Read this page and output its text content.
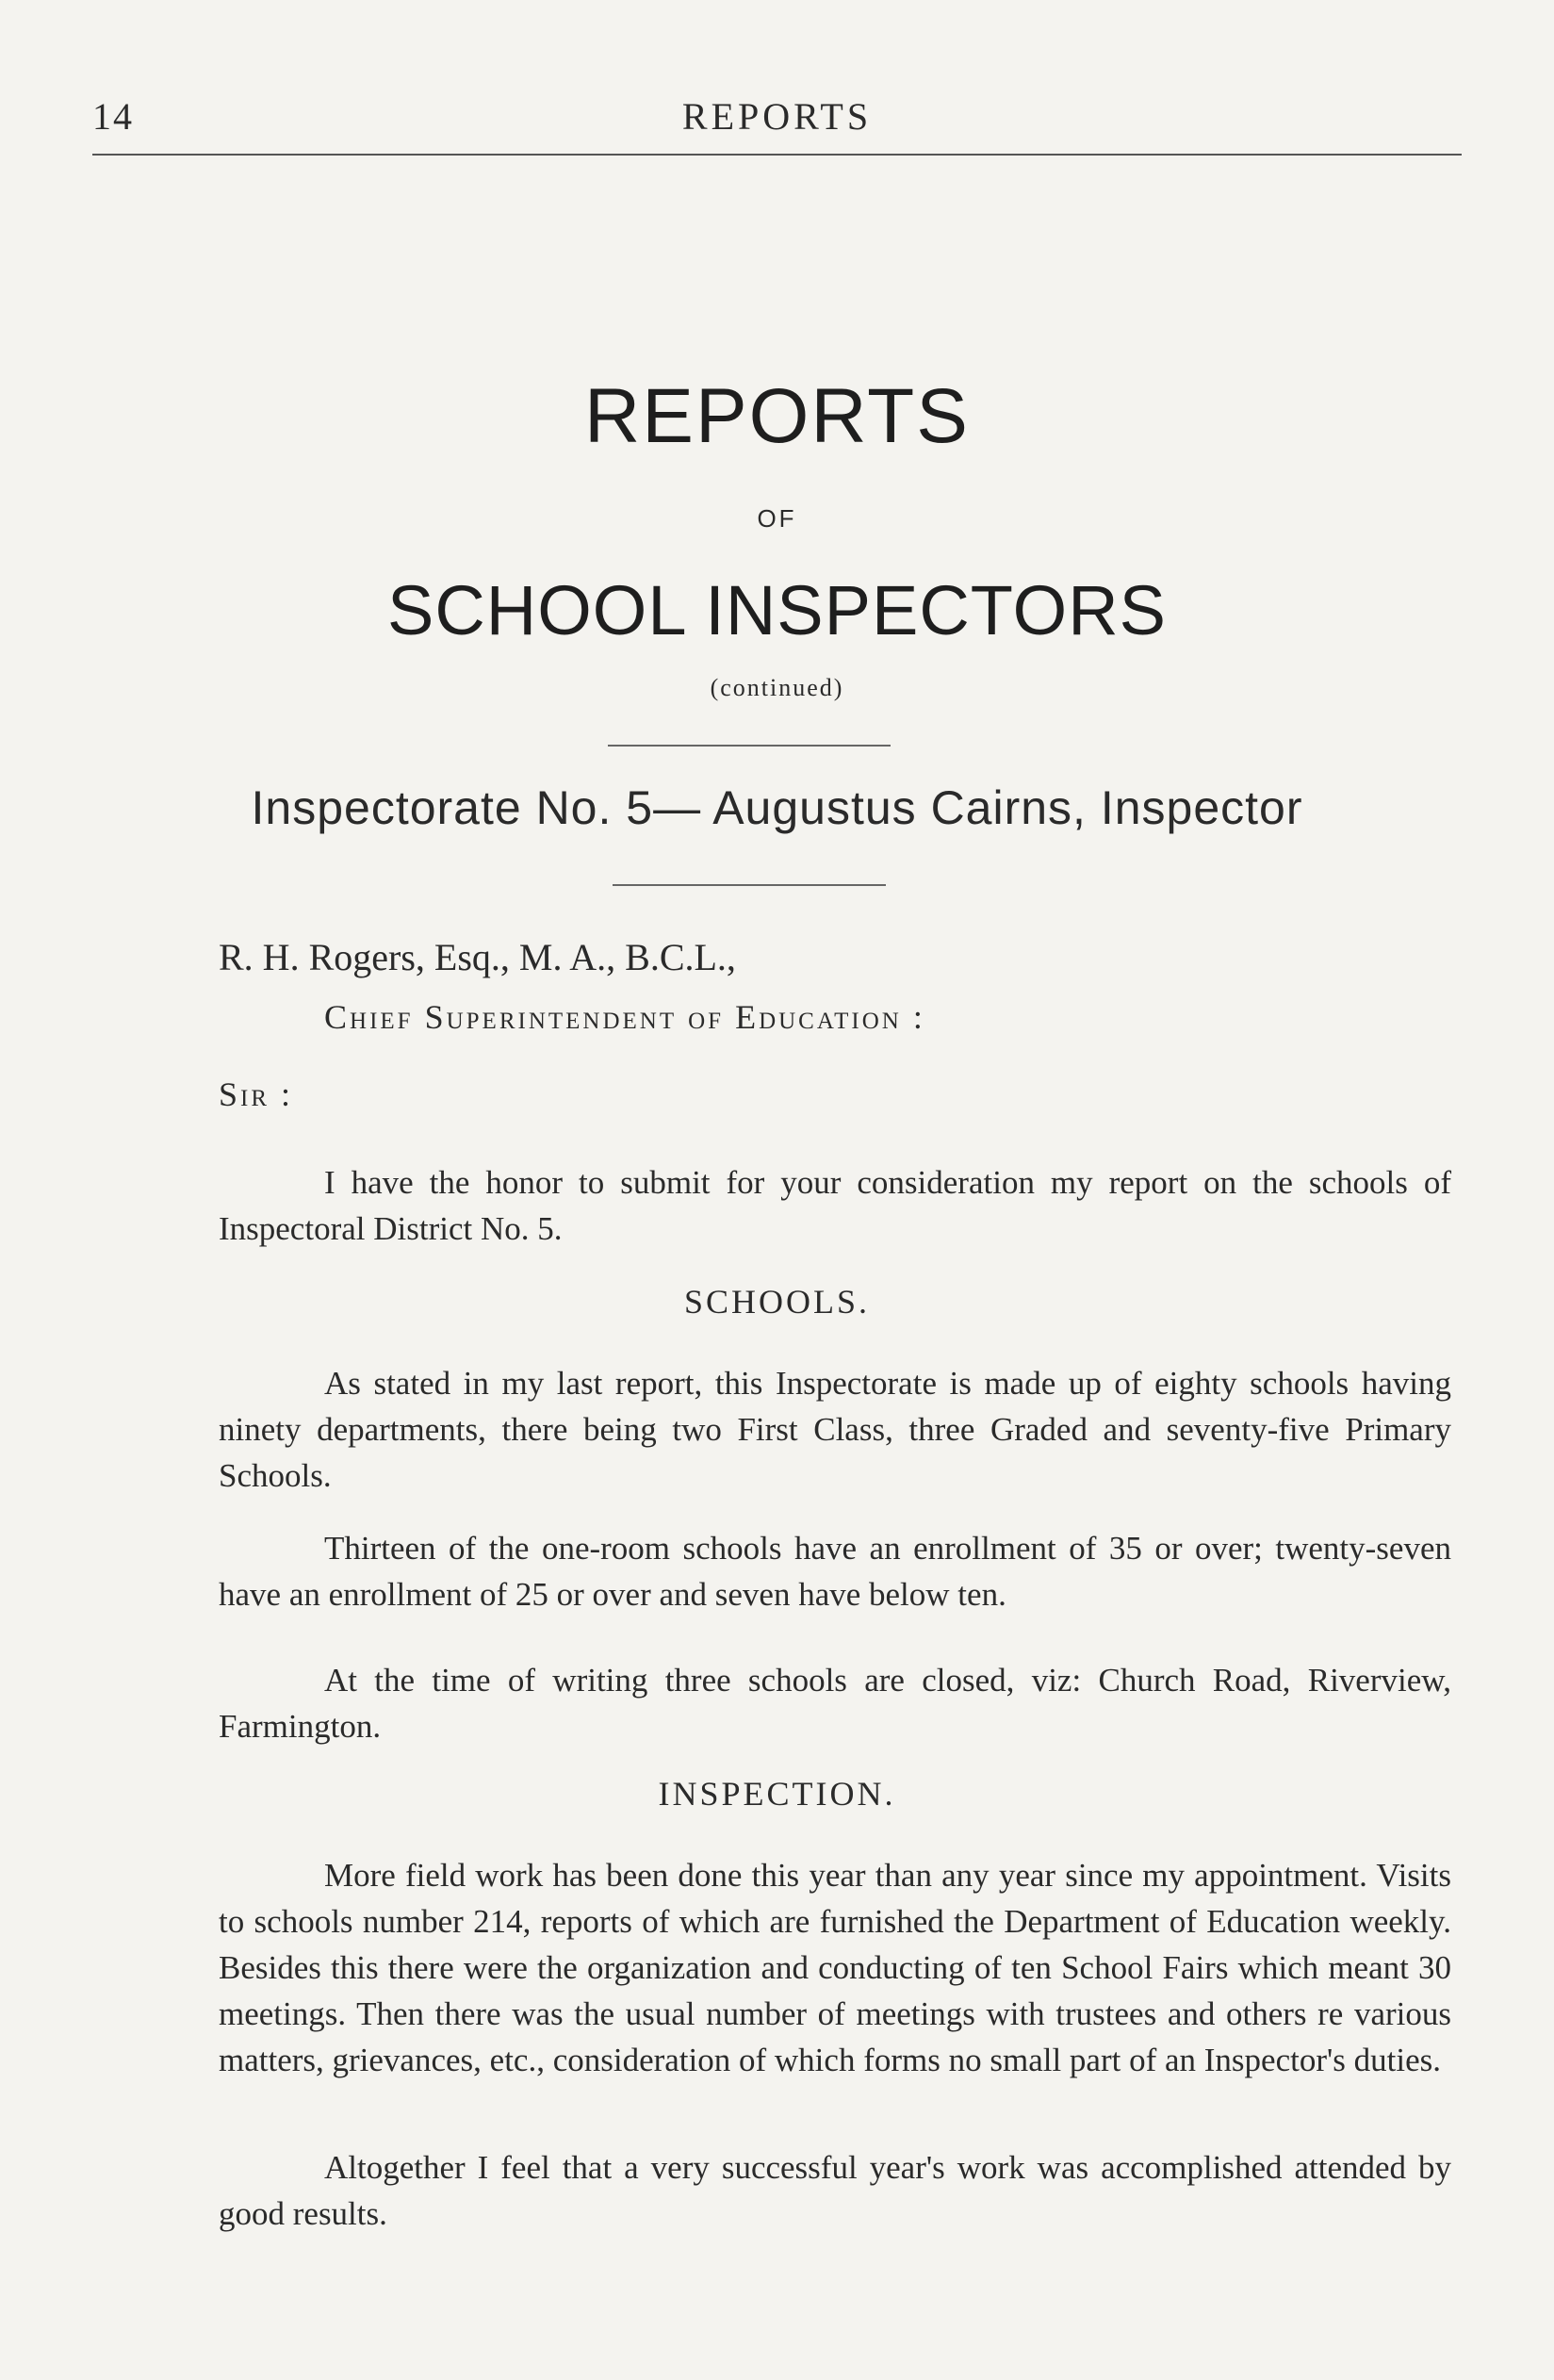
14	REPORTS
REPORTS
OF
SCHOOL INSPECTORS
(continued)
Inspectorate No. 5— Augustus Cairns, Inspector
R. H. Rogers, Esq., M. A., B.C.L.,
Chief Superintendent of Education :
Sir :

I have the honor to submit for your consideration my report on the schools of Inspectoral District No. 5.

SCHOOLS.

As stated in my last report, this Inspectorate is made up of eighty schools having ninety departments, there being two First Class, three Graded and seventy-five Primary Schools.

Thirteen of the one-room schools have an enrollment of 35 or over; twenty-seven have an enrollment of 25 or over and seven have below ten.

At the time of writing three schools are closed, viz: Church Road, Riverview, Farmington.

INSPECTION.

More field work has been done this year than any year since my appointment. Visits to schools number 214, reports of which are furnished the Department of Education weekly. Besides this there were the organization and conducting of ten School Fairs which meant 30 meetings. Then there was the usual number of meetings with trustees and others re various matters, grievances, etc., consideration of which forms no small part of an Inspector's duties.

Altogether I feel that a very successful year's work was accomplished attended by good results.
